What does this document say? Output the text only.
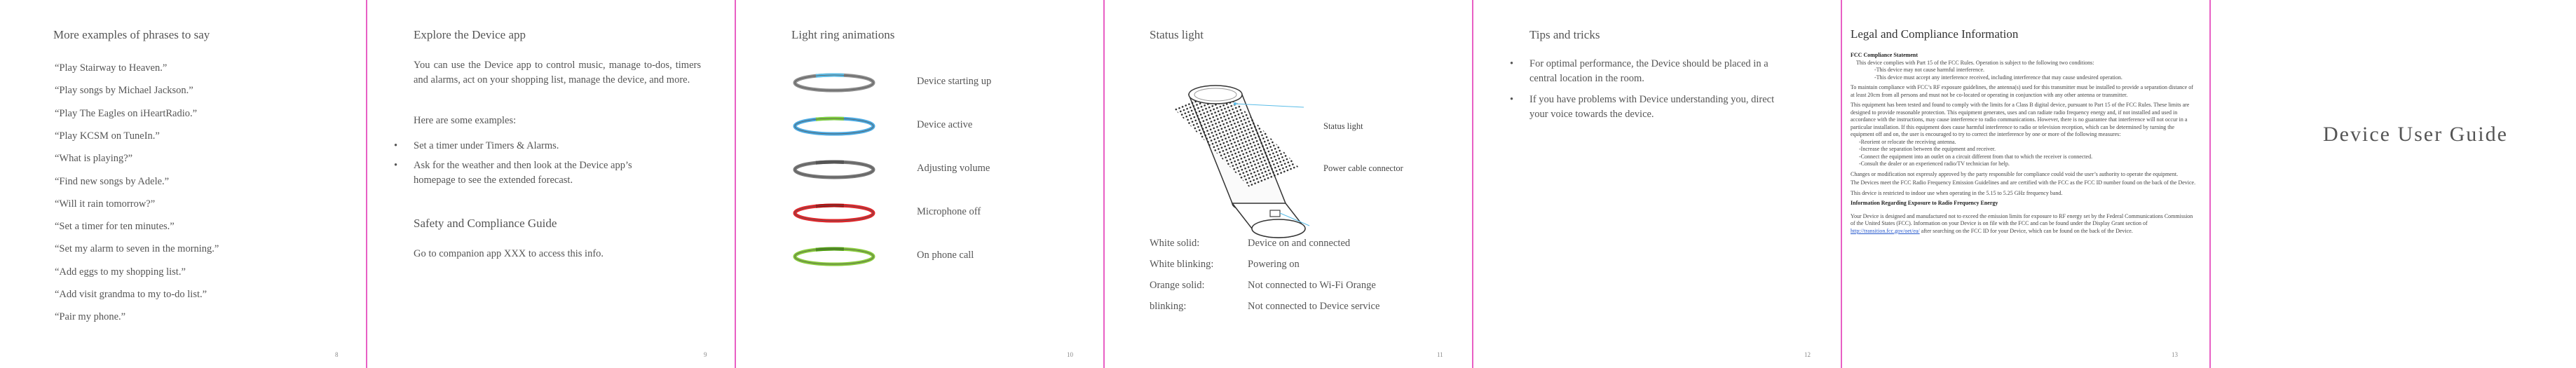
More examples of phrases to say
“Play Stairway to Heaven.”
“Play songs by Michael Jackson.”
“Play The Eagles on iHeartRadio.”
“Play KCSM on TuneIn.”
“What is playing?”
“Find new songs by Adele.”
“Will it rain tomorrow?”
“Set a timer for ten minutes.”
“Set my alarm to seven in the morning.”
“Add eggs to my shopping list.”
“Add visit grandma to my to-do list.”
“Pair my phone.”
8
Explore the Device app
You can use the Device app to control music, manage to-dos, timers and alarms, act on your shopping list, manage the device, and more.
Here are some examples:
• Set a timer under Timers & Alarms.
• Ask for the weather and then look at the Device app’s homepage to see the extended forecast.
Safety and Compliance Guide
Go to companion app XXX to access this info.
9
Light ring animations
Device starting up
Device active
Adjusting volume
Microphone off
On phone call
10
Status light
Status light
Power cable connector
White solid:	Device on and connected
White blinking:	Powering on
Orange solid:	Not connected to Wi-Fi Orange
blinking:	Not connected to Device service
11
Tips and tricks
• For optimal performance, the Device should be placed in a central location in the room.
• If you have problems with Device understanding you, direct your voice towards the device.
12
Legal and Compliance Information
FCC Compliance Statement
This device complies with Part 15 of the FCC Rules. Operation is subject to the following two conditions:
-This device may not cause harmful interference.
-This device must accept any interference received, including interference that may cause undesired operation.
To maintain compliance with FCC’s RF exposure guidelines, the antenna(s) used for this transmitter must be installed to provide a separation distance of at least 20cm from all persons and must not be co-located or operating in conjunction with any other antenna or transmitter.
This equipment has been tested and found to comply with the limits for a Class B digital device, pursuant to Part 15 of the FCC Rules. These limits are designed to provide reasonable protection. This equipment generates, uses and can radiate radio frequency energy and, if not installed and used in accordance with the instructions, may cause interference to radio communications. However, there is no guarantee that interference will not occur in a particular installation. If this equipment does cause harmful interference to radio or television reception, which can be determined by turning the equipment off and on, the user is encouraged to try to correct the interference by one or more of the following measures:
-Reorient or relocate the receiving antenna.
-Increase the separation between the equipment and receiver.
-Connect the equipment into an outlet on a circuit different from that to which the receiver is connected.
-Consult the dealer or an experienced radio/TV technician for help.
Changes or modification not expressly approved by the party responsible for compliance could void the user’s authority to operate the equipment.
The Devices meet the FCC Radio Frequency Emission Guidelines and are certified with the FCC as the FCC ID number found on the back of the Device.
This device is restricted to indoor use when operating in the 5.15 to 5.25 GHz frequency band.
Information Regarding Exposure to Radio Frequency Energy
Your Device is designed and manufactured not to exceed the emission limits for exposure to RF energy set by the Federal Communications Commission of the United States (FCC). Information on your Device is on file with the FCC and can be found under the Display Grant section of http://transition.fcc.gov/oet/ea/ after searching on the FCC ID for your Device, which can be found on the back of the Device.
13
Device User Guide
